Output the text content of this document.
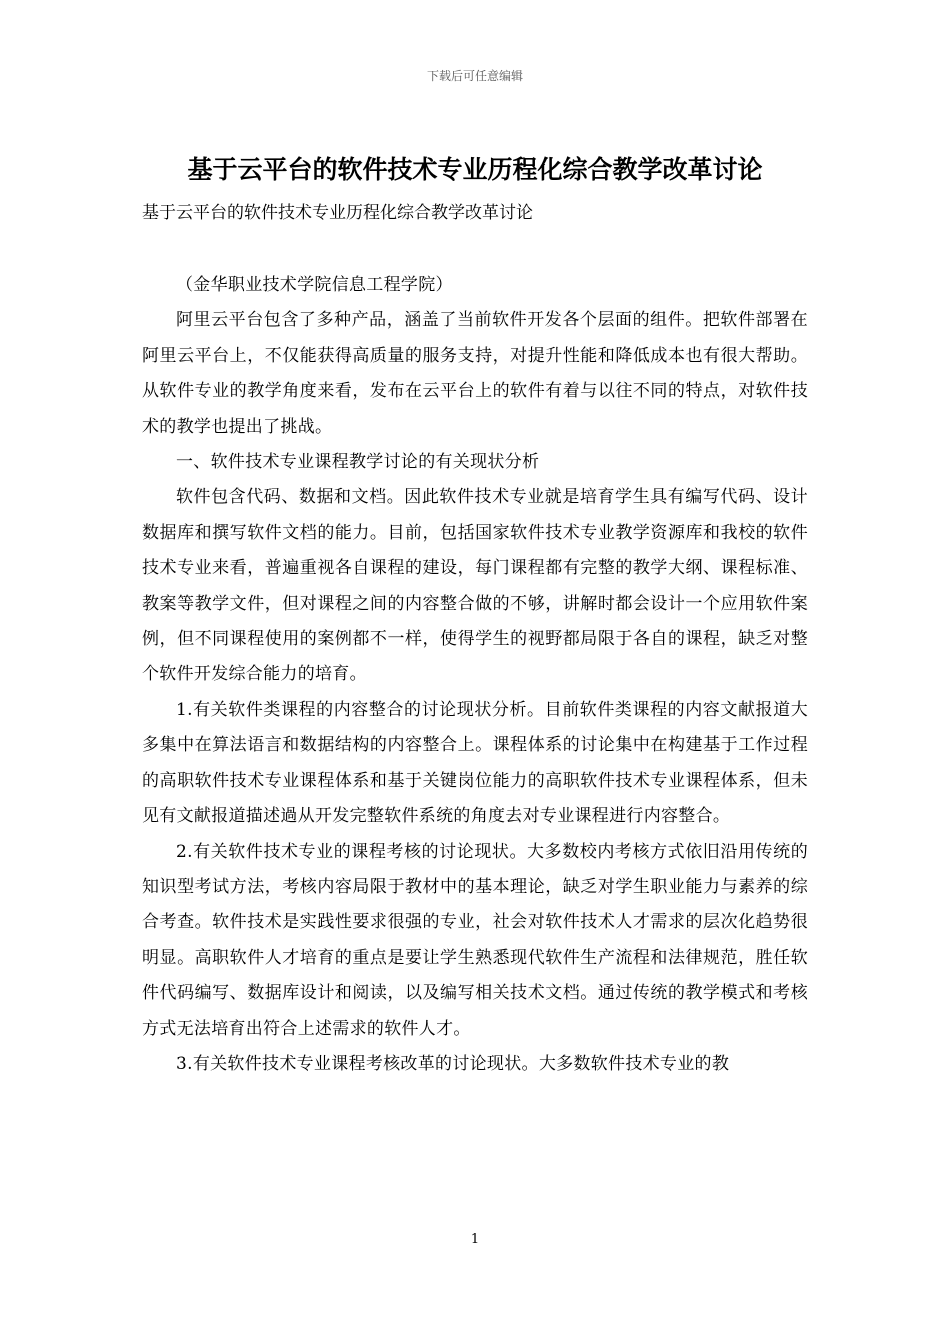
下载后可任意编辑
基于云平台的软件技术专业历程化综合教学改革讨论
基于云平台的软件技术专业历程化综合教学改革讨论

（金华职业技术学院信息工程学院）

阿里云平台包含了多种产品，涵盖了当前软件开发各个层面的组件。把软件部署在阿里云平台上，不仅能获得高质量的服务支持，对提升性能和降低成本也有很大帮助。从软件专业的教学角度来看，发布在云平台上的软件有着与以往不同的特点，对软件技术的教学也提出了挑战。

一、软件技术专业课程教学讨论的有关现状分析

软件包含代码、数据和文档。因此软件技术专业就是培育学生具有编写代码、设计数据库和撰写软件文档的能力。目前，包括国家软件技术专业教学资源库和我校的软件技术专业来看，普遍重视各自课程的建设，每门课程都有完整的教学大纲、课程标准、教案等教学文件，但对课程之间的内容整合做的不够，讲解时都会设计一个应用软件案例，但不同课程使用的案例都不一样，使得学生的视野都局限于各自的课程，缺乏对整个软件开发综合能力的培育。

1.有关软件类课程的内容整合的讨论现状分析。目前软件类课程的内容文献报道大多集中在算法语言和数据结构的内容整合上。课程体系的讨论集中在构建基于工作过程的高职软件技术专业课程体系和基于关键岗位能力的高职软件技术专业课程体系，但未见有文献报道描述過从开发完整软件系统的角度去对专业课程进行内容整合。

2.有关软件技术专业的课程考核的讨论现状。大多数校内考核方式依旧沿用传统的知识型考试方法，考核内容局限于教材中的基本理论，缺乏对学生职业能力与素养的综合考查。软件技术是实践性要求很强的专业，社会对软件技术人才需求的层次化趋势很明显。高职软件人才培育的重点是要让学生熟悉现代软件生产流程和法律规范，胜任软件代码编写、数据库设计和阅读，以及编写相关技术文档。通过传统的教学模式和考核方式无法培育出符合上述需求的软件人才。

3.有关软件技术专业课程考核改革的讨论现状。大多数软件技术专业的教

1
